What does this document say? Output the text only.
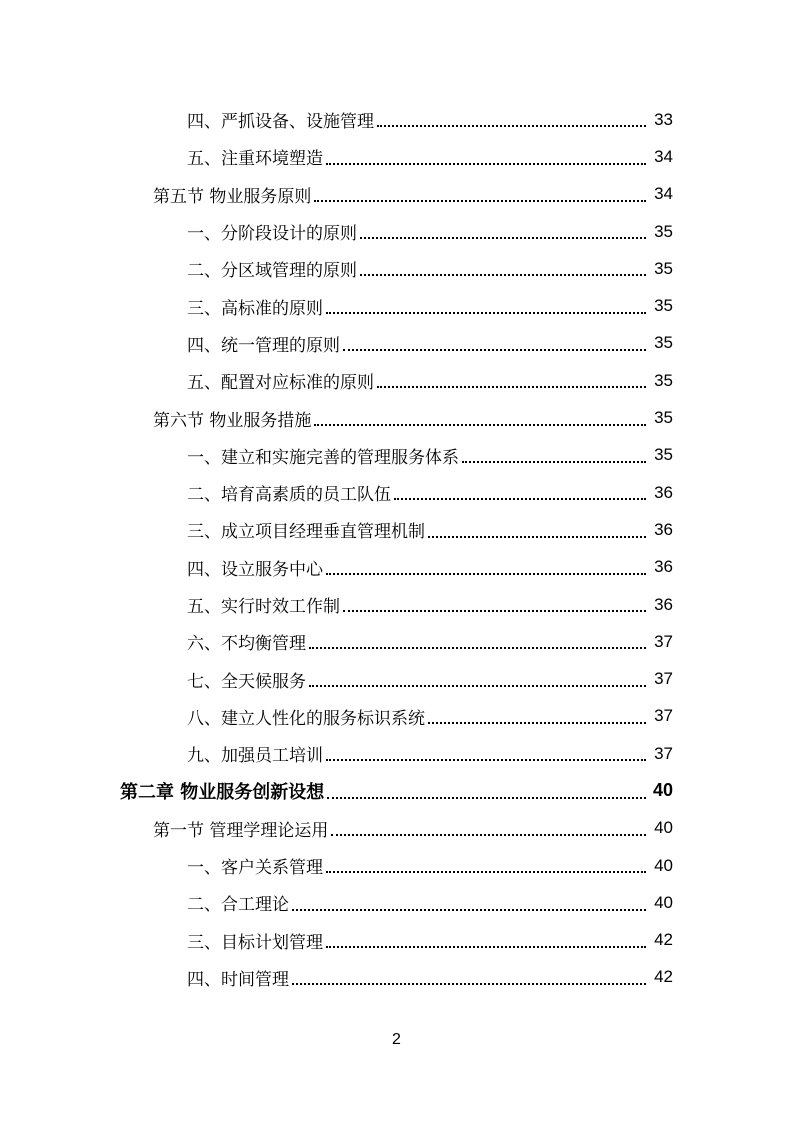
四、严抓设备、设施管理	33
五、注重环境塑造	34
第五节 物业服务原则	34
一、分阶段设计的原则	35
二、分区域管理的原则	35
三、高标准的原则	35
四、统一管理的原则	35
五、配置对应标准的原则	35
第六节 物业服务措施	35
一、建立和实施完善的管理服务体系	35
二、培育高素质的员工队伍	36
三、成立项目经理垂直管理机制	36
四、设立服务中心	36
五、实行时效工作制	36
六、不均衡管理	37
七、全天候服务	37
八、建立人性化的服务标识系统	37
九、加强员工培训	37
第二章 物业服务创新设想	40
第一节 管理学理论运用	40
一、客户关系管理	40
二、合工理论	40
三、目标计划管理	42
四、时间管理	42
2
